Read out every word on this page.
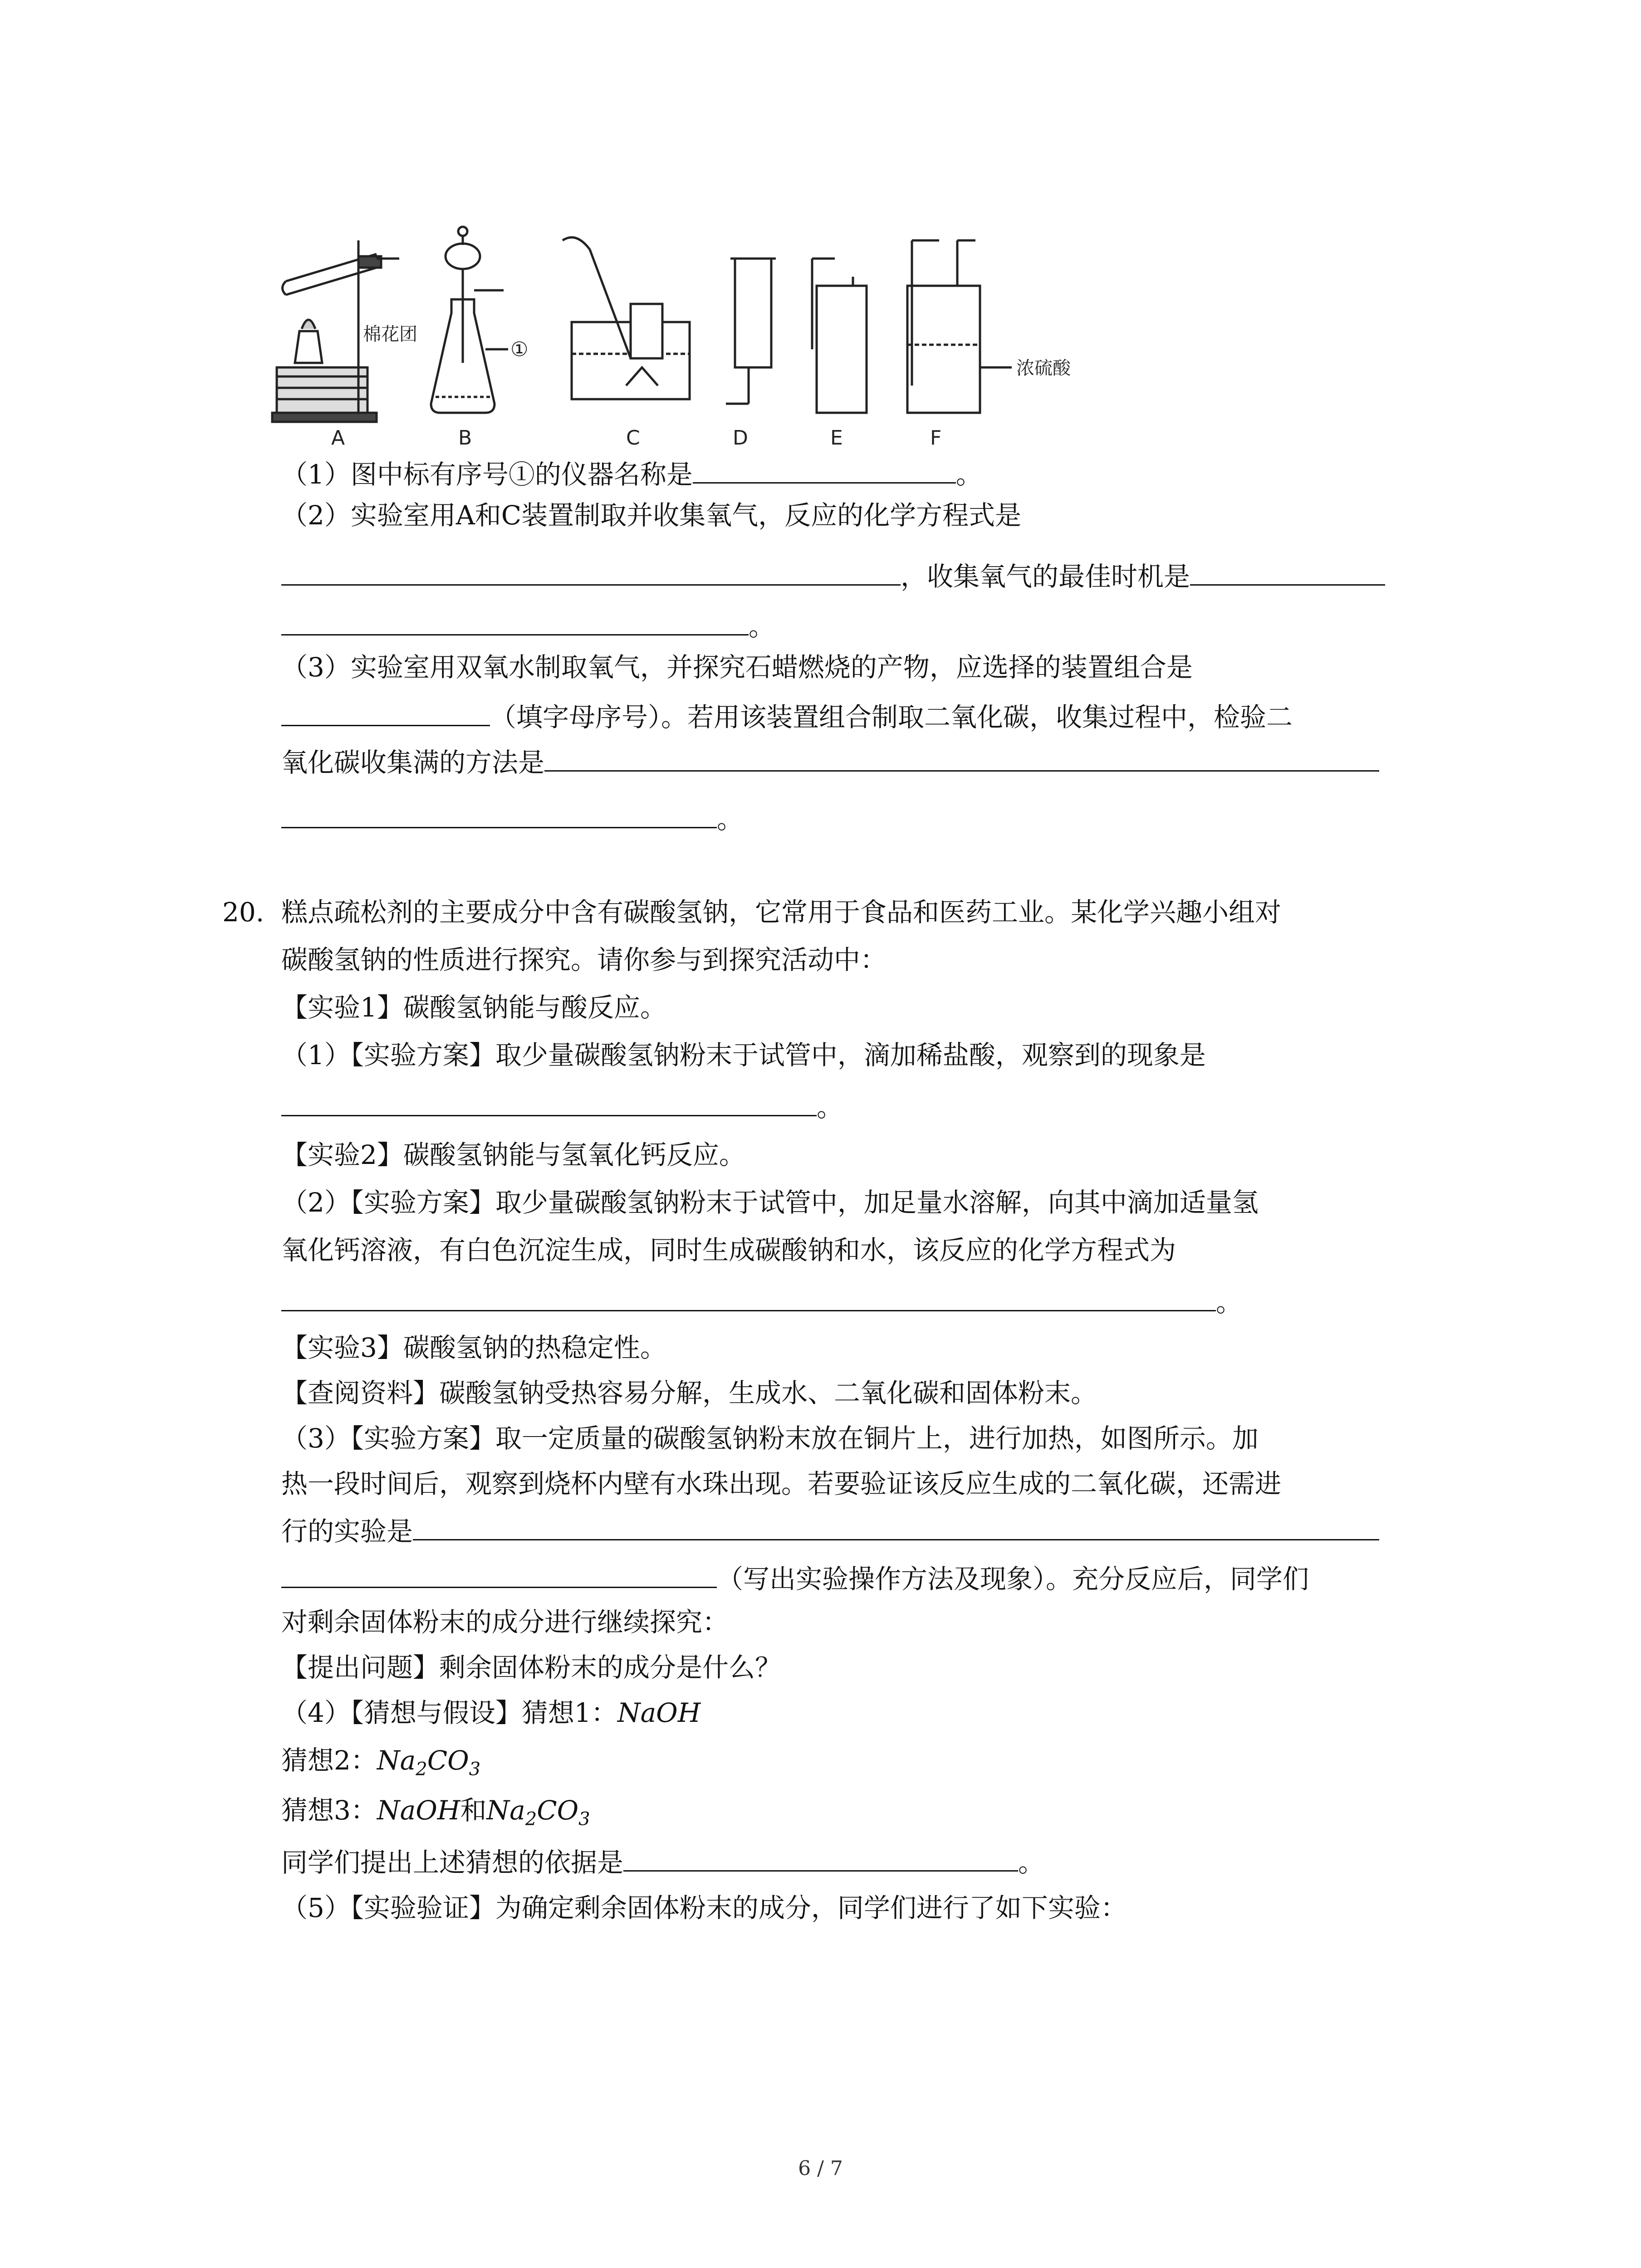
A	B	C	D	E	F
棉花团
①
浓硫酸
（1）图中标有序号①的仪器名称是	。
（2）实验室用A和C装置制取并收集氧气，反应的化学方程式是
，收集氧气的最佳时机是
。
（3）实验室用双氧水制取氧气，并探究石蜡燃烧的产物，应选择的装置组合是
（填字母序号）。若用该装置组合制取二氧化碳，收集过程中，检验二
氧化碳收集满的方法是
。
20. 糕点疏松剂的主要成分中含有碳酸氢钠，它常用于食品和医药工业。某化学兴趣小组对
碳酸氢钠的性质进行探究。请你参与到探究活动中：
【实验1】碳酸氢钠能与酸反应。
（1）【实验方案】取少量碳酸氢钠粉末于试管中，滴加稀盐酸，观察到的现象是
。
【实验2】碳酸氢钠能与氢氧化钙反应。
（2）【实验方案】取少量碳酸氢钠粉末于试管中，加足量水溶解，向其中滴加适量氢
氧化钙溶液，有白色沉淀生成，同时生成碳酸钠和水，该反应的化学方程式为
。
【实验3】碳酸氢钠的热稳定性。
【查阅资料】碳酸氢钠受热容易分解，生成水、二氧化碳和固体粉末。
（3）【实验方案】取一定质量的碳酸氢钠粉末放在铜片上，进行加热，如图所示。加
热一段时间后，观察到烧杯内壁有水珠出现。若要验证该反应生成的二氧化碳，还需进
行的实验是
（写出实验操作方法及现象）。充分反应后，同学们
对剩余固体粉末的成分进行继续探究：
【提出问题】剩余固体粉末的成分是什么？
（4）【猜想与假设】猜想1：NaOH
猜想2：$Na_2CO_3$
猜想3：NaOH和$Na_2CO_3$
同学们提出上述猜想的依据是	。
（5）【实验验证】为确定剩余固体粉末的成分，同学们进行了如下实验：
6 / 7
